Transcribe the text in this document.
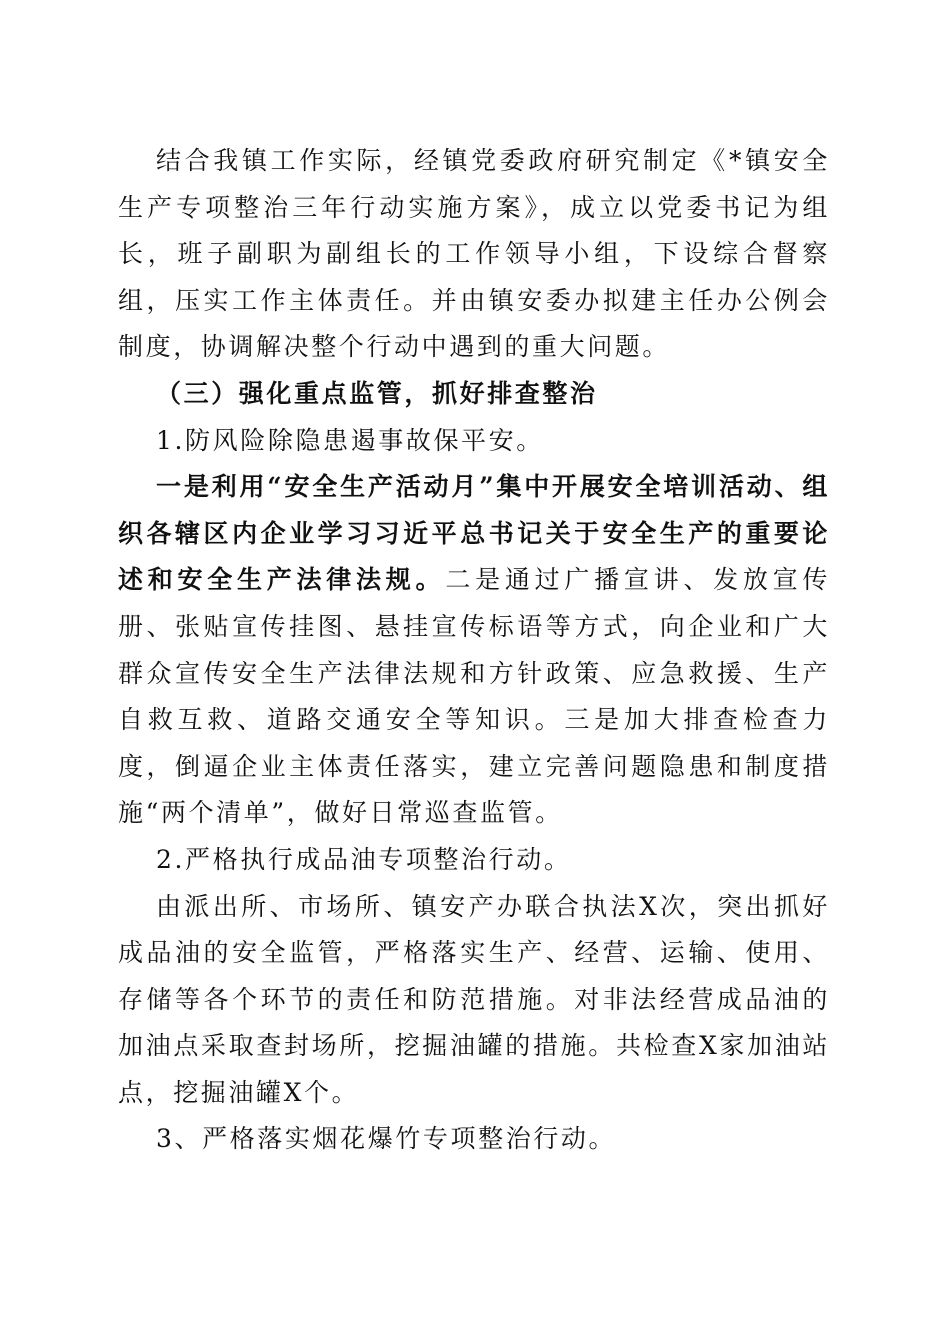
结合我镇工作实际，经镇党委政府研究制定《*镇安全生产专项整治三年行动实施方案》，成立以党委书记为组长，班子副职为副组长的工作领导小组，下设综合督察组，压实工作主体责任。并由镇安委办拟建主任办公例会制度，协调解决整个行动中遇到的重大问题。

（三）强化重点监管，抓好排查整治

1.防风险除隐患遏事故保平安。

一是利用“安全生产活动月”集中开展安全培训活动、组织各辖区内企业学习习近平总书记关于安全生产的重要论述和安全生产法律法规。二是通过广播宣讲、发放宣传册、张贴宣传挂图、悬挂宣传标语等方式，向企业和广大群众宣传安全生产法律法规和方针政策、应急救援、生产自救互救、道路交通安全等知识。三是加大排查检查力度，倒逼企业主体责任落实，建立完善问题隐患和制度措施“两个清单”，做好日常巡查监管。

2.严格执行成品油专项整治行动。

由派出所、市场所、镇安产办联合执法X次，突出抓好成品油的安全监管，严格落实生产、经营、运输、使用、存储等各个环节的责任和防范措施。对非法经营成品油的加油点采取查封场所，挖掘油罐的措施。共检查X家加油站点，挖掘油罐X个。

3、严格落实烟花爆竹专项整治行动。
